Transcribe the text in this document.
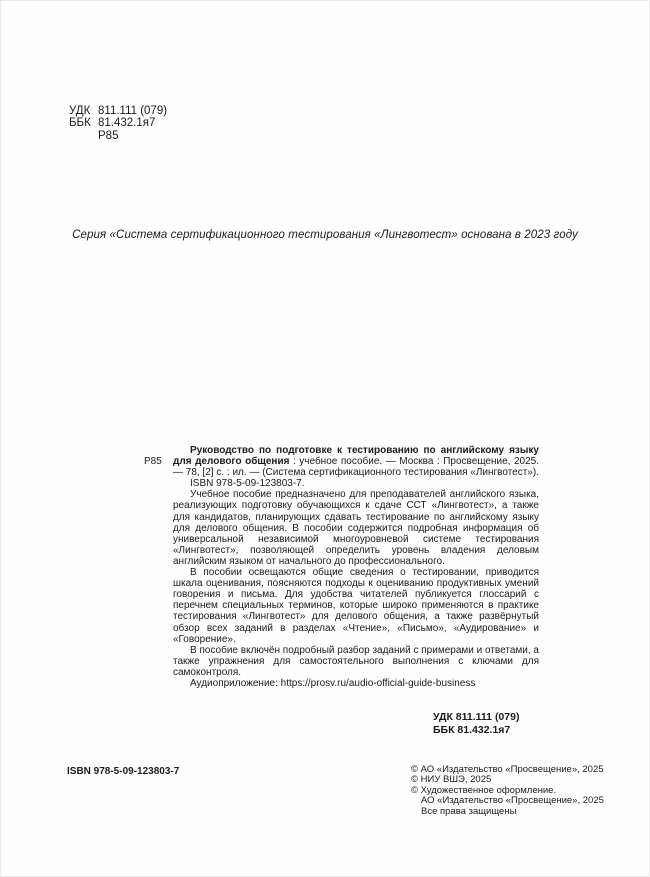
УДК 811.111 (079)
ББК 81.432.1я7
Р85
Серия «Система сертификационного тестирования «Лингвотест» основана в 2023 году

Р85
Руководство по подготовке к тестированию по английскому языку для делового общения : учебное пособие. — Москва : Просвещение, 2025. — 78, [2] с. : ил. — (Система сертификационного тестирования «Лингвотест»).

ISBN 978-5-09-123803-7.

Учебное пособие предназначено для преподавателей английского языка, реализующих подготовку обучающихся к сдаче ССТ «Лингвотест», а также для кандидатов, планирующих сдавать тестирование по английскому языку для делового общения. В пособии содержится подробная информация об универсальной независимой многоуровневой системе тестирования «Лингвотест», позволяющей определить уровень владения деловым английским языком от начального до профессионального.

В пособии освещаются общие сведения о тестировании, приводится шкала оценивания, поясняются подходы к оцениванию продуктивных умений говорения и письма. Для удобства читателей публикуется глоссарий с перечнем специальных терминов, которые широко применяются в практике тестирования «Лингвотест» для делового общения, а также развёрнутый обзор всех заданий в разделах «Чтение», «Письмо», «Аудирование» и «Говорение».

В пособие включён подробный разбор заданий с примерами и ответами, а также упражнения для самостоятельного выполнения с ключами для самоконтроля.

Аудиоприложение: https://prosv.ru/audio-official-guide-business

УДК 811.111 (079)
ББК 81.432.1я7
ISBN 978-5-09-123803-7	© АО «Издательство «Просвещение», 2025
© НИУ ВШЭ, 2025
© Художественное оформление.
АО «Издательство «Просвещение», 2025
Все права защищены
